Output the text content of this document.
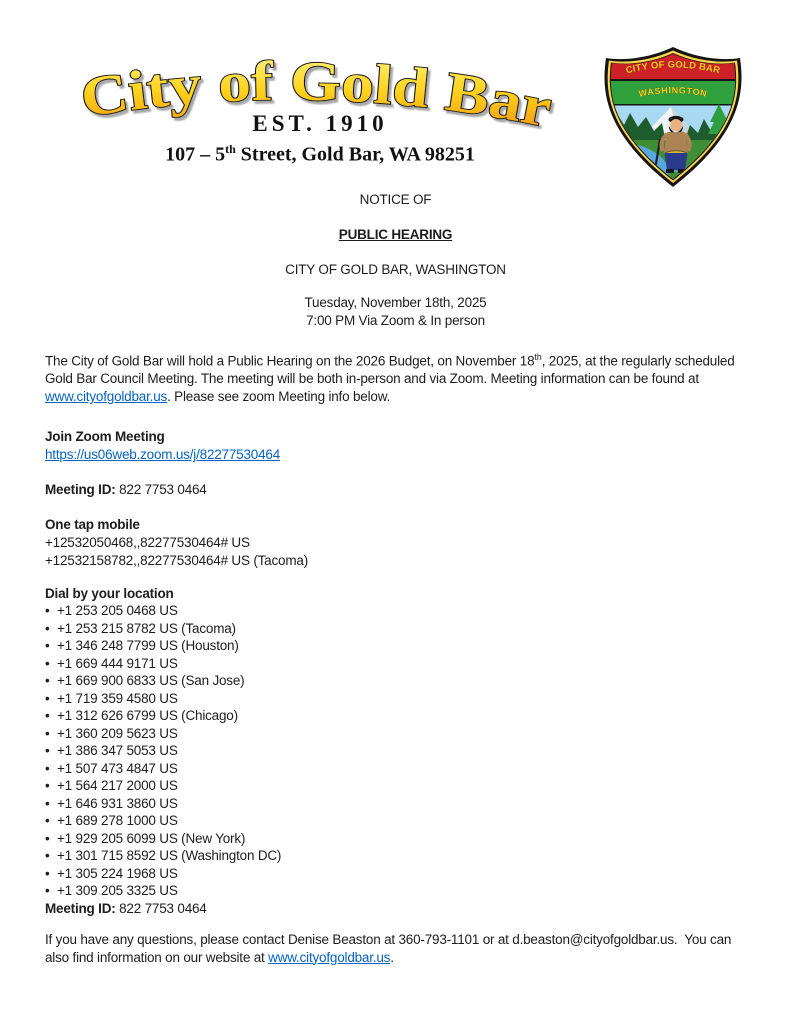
City of Gold Bar
EST. 1910
107 – 5th Street, Gold Bar, WA 98251
CITY OF GOLD BAR
WASHINGTON
NOTICE OF
PUBLIC HEARING
CITY OF GOLD BAR, WASHINGTON
Tuesday, November 18th, 2025
7:00 PM Via Zoom & In person
The City of Gold Bar will hold a Public Hearing on the 2026 Budget, on November 18th, 2025, at the regularly scheduled
Gold Bar Council Meeting. The meeting will be both in-person and via Zoom. Meeting information can be found at
www.cityofgoldbar.us. Please see zoom Meeting info below.
Join Zoom Meeting
https://us06web.zoom.us/j/82277530464
Meeting ID: 822 7753 0464
One tap mobile
+12532050468,,82277530464# US
+12532158782,,82277530464# US (Tacoma)
Dial by your location
• +1 253 205 0468 US
• +1 253 215 8782 US (Tacoma)
• +1 346 248 7799 US (Houston)
• +1 669 444 9171 US
• +1 669 900 6833 US (San Jose)
• +1 719 359 4580 US
• +1 312 626 6799 US (Chicago)
• +1 360 209 5623 US
• +1 386 347 5053 US
• +1 507 473 4847 US
• +1 564 217 2000 US
• +1 646 931 3860 US
• +1 689 278 1000 US
• +1 929 205 6099 US (New York)
• +1 301 715 8592 US (Washington DC)
• +1 305 224 1968 US
• +1 309 205 3325 US
Meeting ID: 822 7753 0464
If you have any questions, please contact Denise Beaston at 360-793-1101 or at d.beaston@cityofgoldbar.us.  You can
also find information on our website at www.cityofgoldbar.us.
